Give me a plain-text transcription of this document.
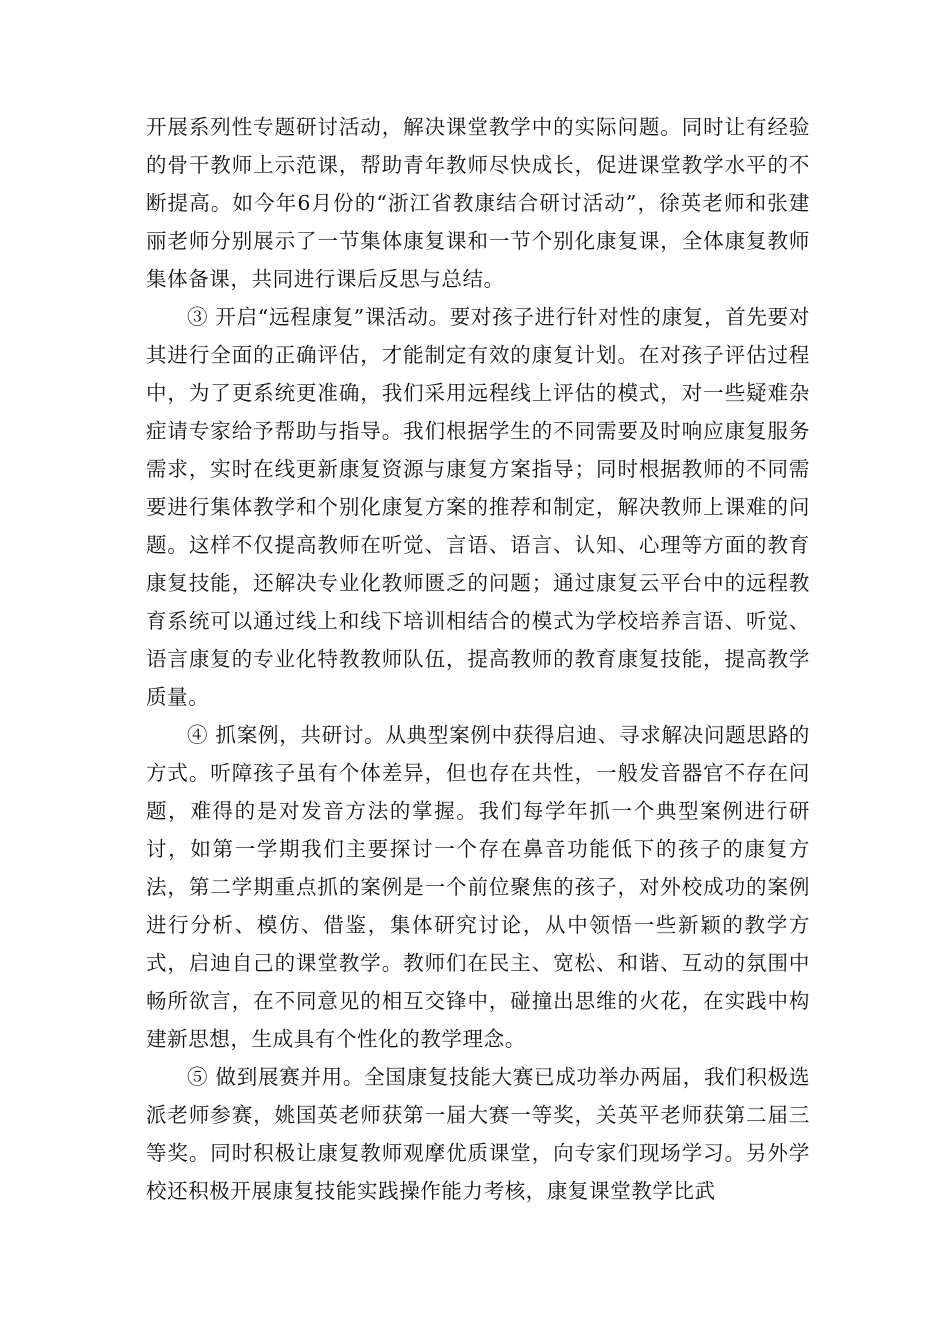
开展系列性专题研讨活动，解决课堂教学中的实际问题。同时让有经验的骨干教师上示范课，帮助青年教师尽快成长，促进课堂教学水平的不断提高。如今年6月份的“浙江省教康结合研讨活动”，徐英老师和张建丽老师分别展示了一节集体康复课和一节个别化康复课，全体康复教师集体备课，共同进行课后反思与总结。

③ 开启“远程康复”课活动。要对孩子进行针对性的康复，首先要对其进行全面的正确评估，才能制定有效的康复计划。在对孩子评估过程中，为了更系统更准确，我们采用远程线上评估的模式，对一些疑难杂症请专家给予帮助与指导。我们根据学生的不同需要及时响应康复服务需求，实时在线更新康复资源与康复方案指导；同时根据教师的不同需要进行集体教学和个别化康复方案的推荐和制定，解决教师上课难的问题。这样不仅提高教师在听觉、言语、语言、认知、心理等方面的教育康复技能，还解决专业化教师匮乏的问题；通过康复云平台中的远程教育系统可以通过线上和线下培训相结合的模式为学校培养言语、听觉、语言康复的专业化特教教师队伍，提高教师的教育康复技能，提高教学质量。

④ 抓案例，共研讨。从典型案例中获得启迪、寻求解决问题思路的方式。听障孩子虽有个体差异，但也存在共性，一般发音器官不存在问题，难得的是对发音方法的掌握。我们每学年抓一个典型案例进行研讨，如第一学期我们主要探讨一个存在鼻音功能低下的孩子的康复方法，第二学期重点抓的案例是一个前位聚焦的孩子，对外校成功的案例进行分析、模仿、借鉴，集体研究讨论，从中领悟一些新颖的教学方式，启迪自己的课堂教学。教师们在民主、宽松、和谐、互动的氛围中畅所欲言，在不同意见的相互交锋中，碰撞出思维的火花，在实践中构建新思想，生成具有个性化的教学理念。

⑤ 做到展赛并用。全国康复技能大赛已成功举办两届，我们积极选派老师参赛，姚国英老师获第一届大赛一等奖，关英平老师获第二届三等奖。同时积极让康复教师观摩优质课堂，向专家们现场学习。另外学校还积极开展康复技能实践操作能力考核，康复课堂教学比武
